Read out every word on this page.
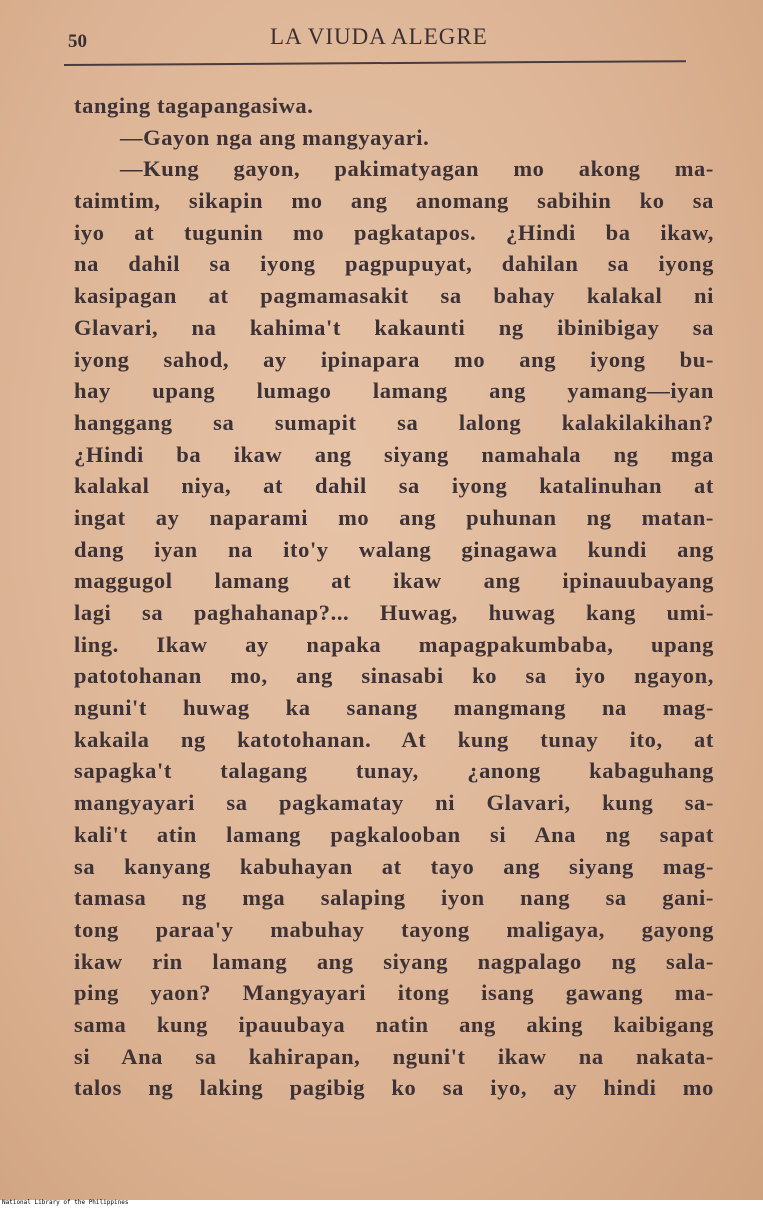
50	LA VIUDA ALEGRE
tanging tagapangasiwa.
—Gayon nga ang mangyayari.
—Kung gayon, pakimatyagan mo akong ma-
taimtim, sikapin mo ang anomang sabihin ko sa
iyo at tugunin mo pagkatapos. ¿Hindi ba ikaw,
na dahil sa iyong pagpupuyat, dahilan sa iyong
kasipagan at pagmamasakit sa bahay kalakal ni
Glavari, na kahima't kakaunti ng ibinibigay sa
iyong sahod, ay ipinapara mo ang iyong bu-
hay upang lumago lamang ang yamang—iyan
hanggang sa sumapit sa lalong kalakilakihan?
¿Hindi ba ikaw ang siyang namahala ng mga
kalakal niya, at dahil sa iyong katalinuhan at
ingat ay naparami mo ang puhunan ng matan-
dang iyan na ito'y walang ginagawa kundi ang
maggugol lamang at ikaw ang ipinauubayang
lagi sa paghahanap?... Huwag, huwag kang umi-
ling. Ikaw ay napaka mapagpakumbaba, upang
patotohanan mo, ang sinasabi ko sa iyo ngayon,
nguni't huwag ka sanang mangmang na mag-
kakaila ng katotohanan. At kung tunay ito, at
sapagka't talagang tunay, ¿anong kabaguhang
mangyayari sa pagkamatay ni Glavari, kung sa-
kali't atin lamang pagkalooban si Ana ng sapat
sa kanyang kabuhayan at tayo ang siyang mag-
tamasa ng mga salaping iyon nang sa gani-
tong paraa'y mabuhay tayong maligaya, gayong
ikaw rin lamang ang siyang nagpalago ng sala-
ping yaon? Mangyayari itong isang gawang ma-
sama kung ipauubaya natin ang aking kaibigang
si Ana sa kahirapan, nguni't ikaw na nakata-
talos ng laking pagibig ko sa iyo, ay hindi mo
National Library of the Philippines
